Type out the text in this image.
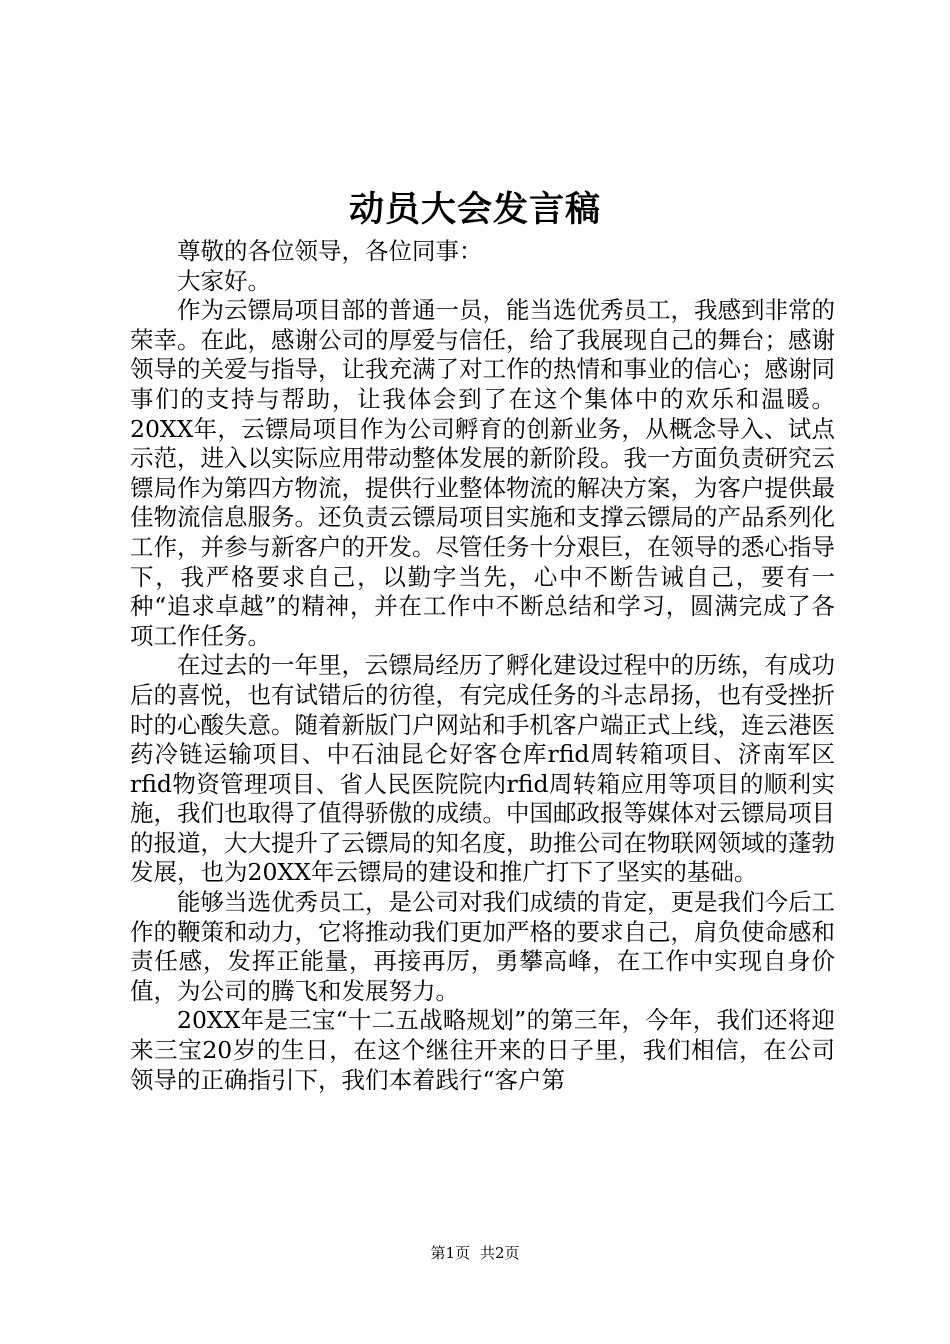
动员大会发言稿

尊敬的各位领导，各位同事：

大家好。

作为云镖局项目部的普通一员，能当选优秀员工，我感到非常的荣幸。在此，感谢公司的厚爱与信任，给了我展现自己的舞台；感谢领导的关爱与指导，让我充满了对工作的热情和事业的信心；感谢同事们的支持与帮助，让我体会到了在这个集体中的欢乐和温暖。20XX年，云镖局项目作为公司孵育的创新业务，从概念导入、试点示范，进入以实际应用带动整体发展的新阶段。我一方面负责研究云镖局作为第四方物流，提供行业整体物流的解决方案，为客户提供最佳物流信息服务。还负责云镖局项目实施和支撑云镖局的产品系列化工作，并参与新客户的开发。尽管任务十分艰巨，在领导的悉心指导下，我严格要求自己，以勤字当先，心中不断告诫自己，要有一种“追求卓越”的精神，并在工作中不断总结和学习，圆满完成了各项工作任务。

在过去的一年里，云镖局经历了孵化建设过程中的历练，有成功后的喜悦，也有试错后的彷徨，有完成任务的斗志昂扬，也有受挫折时的心酸失意。随着新版门户网站和手机客户端正式上线，连云港医药冷链运输项目、中石油昆仑好客仓库rfid周转箱项目、济南军区rfid物资管理项目、省人民医院院内rfid周转箱应用等项目的顺利实施，我们也取得了值得骄傲的成绩。中国邮政报等媒体对云镖局项目的报道，大大提升了云镖局的知名度，助推公司在物联网领域的蓬勃发展，也为20XX年云镖局的建设和推广打下了坚实的基础。

能够当选优秀员工，是公司对我们成绩的肯定，更是我们今后工作的鞭策和动力，它将推动我们更加严格的要求自己，肩负使命感和责任感，发挥正能量，再接再厉，勇攀高峰，在工作中实现自身价值，为公司的腾飞和发展努力。

20XX年是三宝“十二五战略规划”的第三年，今年，我们还将迎来三宝20岁的生日，在这个继往开来的日子里，我们相信，在公司领导的正确指引下，我们本着践行“客户第

第1页 共2页
